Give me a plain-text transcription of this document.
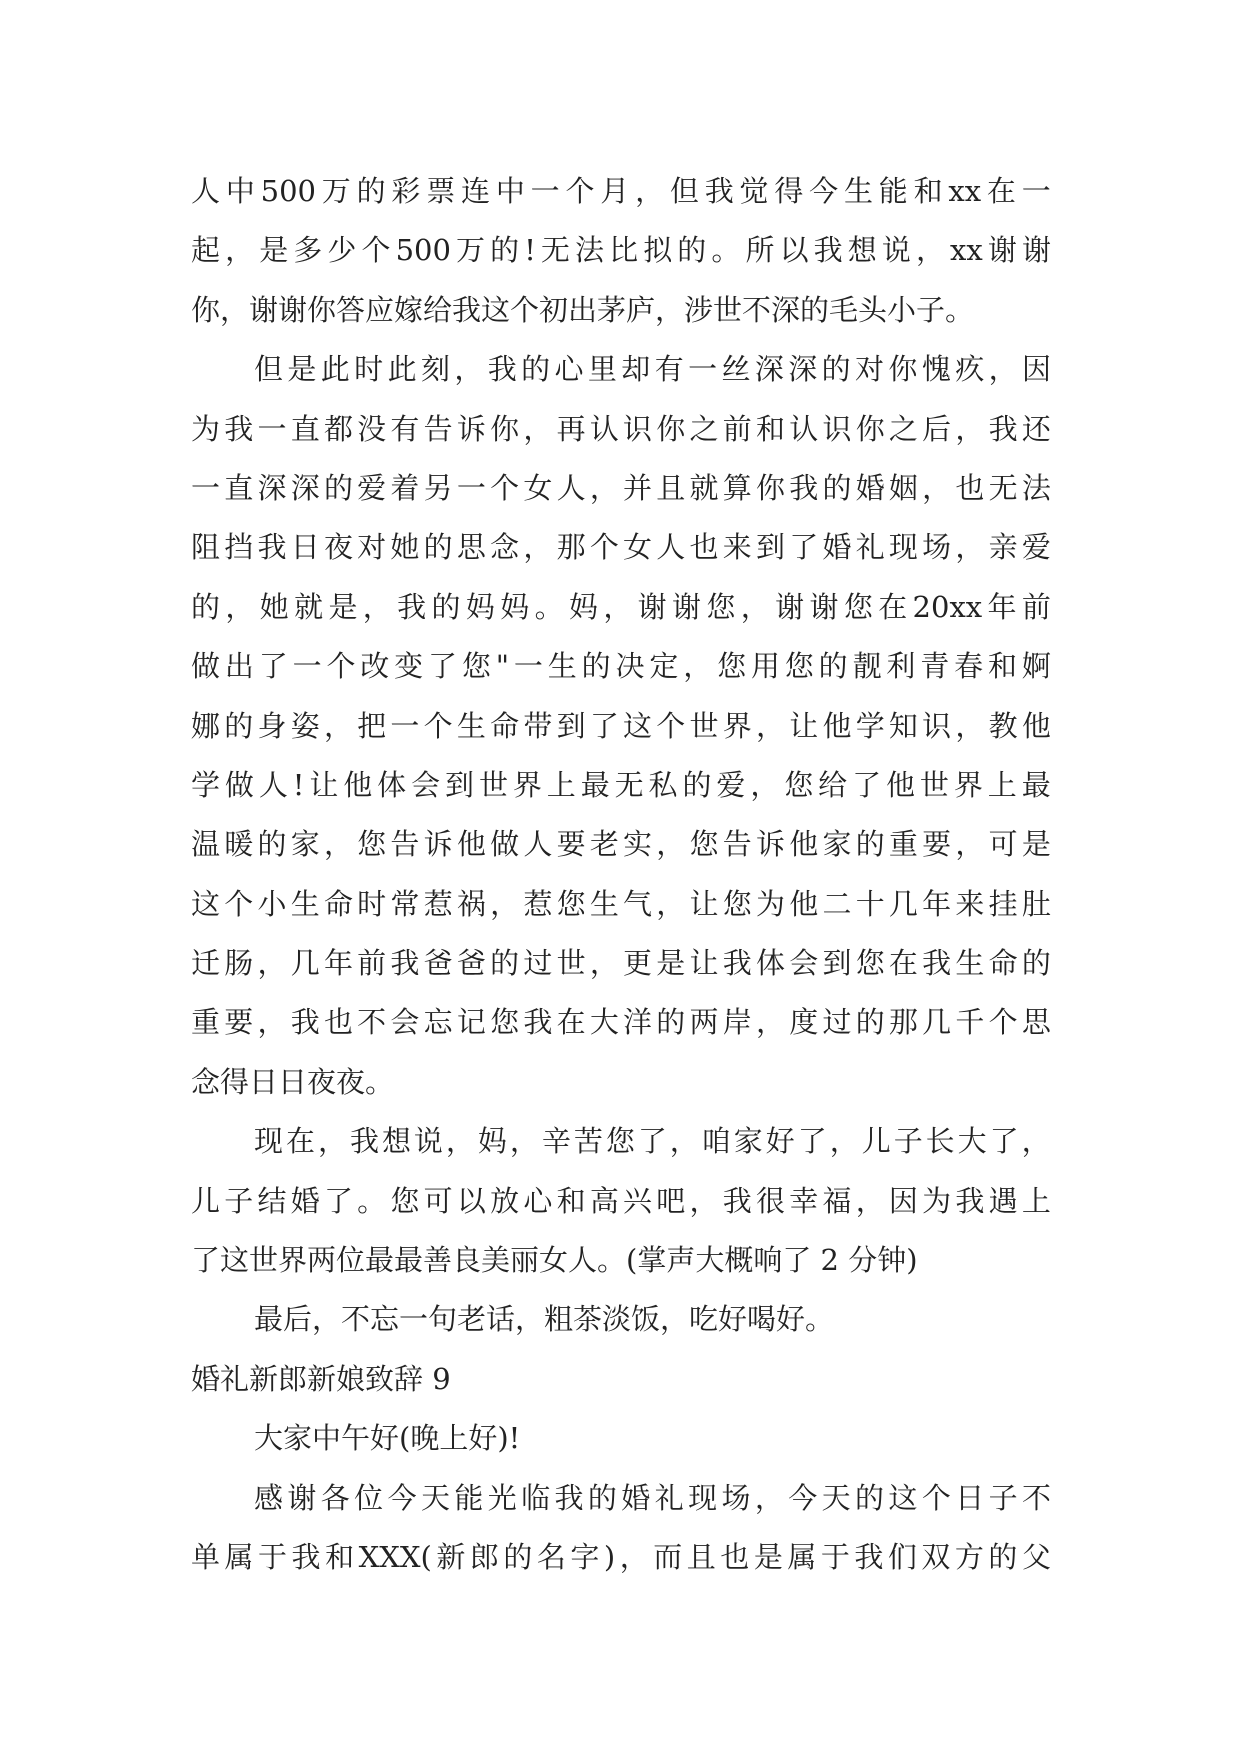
人 中 500 万 的 彩 票 连 中 一 个 月 ， 但 我 觉 得 今 生 能 和 xx 在 一
起 ， 是 多 少 个 500 万 的 ! 无 法 比 拟 的 。 所 以 我 想 说 ， xx 谢 谢
你，谢谢你答应嫁给我这个初出茅庐，涉世不深的毛头小子。
但 是 此 时 此 刻 ， 我 的 心 里 却 有 一 丝 深 深 的 对 你 愧 疚 ， 因
为 我 一 直 都 没 有 告 诉 你 ， 再 认 识 你 之 前 和 认 识 你 之 后 ， 我 还
一 直 深 深 的 爱 着 另 一 个 女 人 ， 并 且 就 算 你 我 的 婚 姻 ， 也 无 法
阻 挡 我 日 夜 对 她 的 思 念 ， 那 个 女 人 也 来 到 了 婚 礼 现 场 ， 亲 爱
的 ， 她 就 是 ， 我 的 妈 妈 。 妈 ， 谢 谢 您 ， 谢 谢 您 在 20xx 年 前
做 出 了 一 个 改 变 了 您 " 一 生 的 决 定 ， 您 用 您 的 靓 利 青 春 和 婀
娜 的 身 姿 ， 把 一 个 生 命 带 到 了 这 个 世 界 ， 让 他 学 知 识 ， 教 他
学 做 人 ! 让 他 体 会 到 世 界 上 最 无 私 的 爱 ， 您 给 了 他 世 界 上 最
温 暖 的 家 ， 您 告 诉 他 做 人 要 老 实 ， 您 告 诉 他 家 的 重 要 ， 可 是
这 个 小 生 命 时 常 惹 祸 ， 惹 您 生 气 ， 让 您 为 他 二 十 几 年 来 挂 肚
迁 肠 ， 几 年 前 我 爸 爸 的 过 世 ， 更 是 让 我 体 会 到 您 在 我 生 命 的
重 要 ， 我 也 不 会 忘 记 您 我 在 大 洋 的 两 岸 ， 度 过 的 那 几 千 个 思
念得日日夜夜。
现 在 ， 我 想 说 ， 妈 ， 辛 苦 您 了 ， 咱 家 好 了 ， 儿 子 长 大 了 ，
儿 子 结 婚 了 。 您 可 以 放 心 和 高 兴 吧 ， 我 很 幸 福 ， 因 为 我 遇 上
了这世界两位最最善良美丽女人。(掌声大概响了 2 分钟)
最后，不忘一句老话，粗茶淡饭，吃好喝好。
婚礼新郎新娘致辞 9
大家中午好(晚上好)!
感 谢 各 位 今 天 能 光 临 我 的 婚 礼 现 场 ， 今 天 的 这 个 日 子 不
单 属 于 我 和 XXX( 新 郎 的 名 字 ) ， 而 且 也 是 属 于 我 们 双 方 的 父
